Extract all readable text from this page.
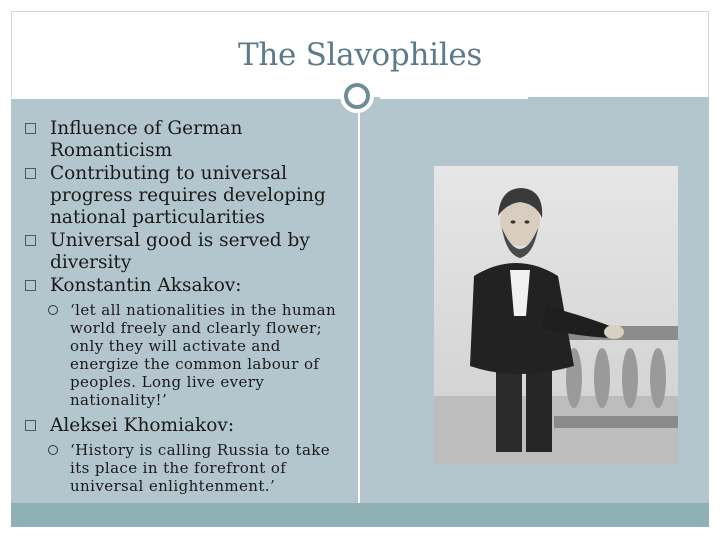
The Slavophiles
Influence of German Romanticism
Contributing to universal progress requires developing national particularities
Universal good is served by diversity
Konstantin Aksakov:
‘let all nationalities in the human world freely and clearly flower; only they will activate and energize the common labour of peoples. Long live every nationality!’
Aleksei Khomiakov:
‘History is calling Russia to take its place in the forefront of universal enlightenment.’
